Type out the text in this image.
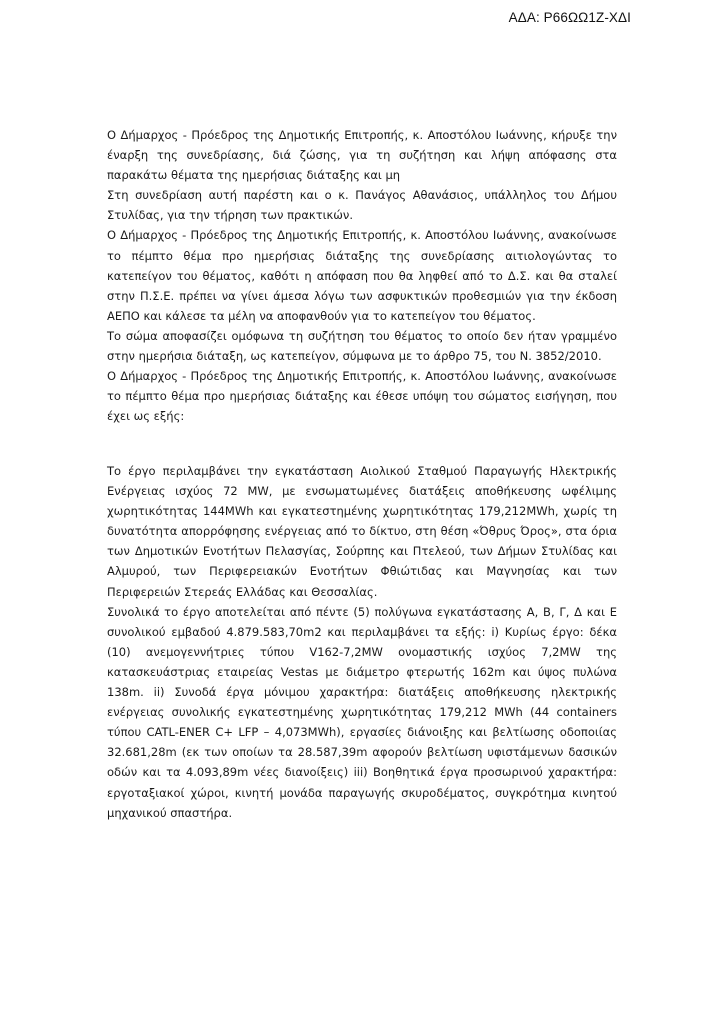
ΑΔΑ: Ρ66ΩΩ1Ζ-ΧΔΙ

Ο Δήμαρχος - Πρόεδρος της Δημοτικής Επιτροπής, κ. Αποστόλου Ιωάννης, κήρυξε την έναρξη της συνεδρίασης, διά ζώσης, για τη συζήτηση και λήψη απόφασης στα παρακάτω θέματα της ημερήσιας διάταξης και μη

Στη συνεδρίαση αυτή παρέστη και ο κ. Πανάγος Αθανάσιος, υπάλληλος του Δήμου Στυλίδας, για την τήρηση των πρακτικών.

Ο Δήμαρχος - Πρόεδρος της Δημοτικής Επιτροπής, κ. Αποστόλου Ιωάννης, ανακοίνωσε το πέμπτο θέμα προ ημερήσιας διάταξης της συνεδρίασης αιτιολογώντας το κατεπείγον του θέματος, καθότι η απόφαση που θα ληφθεί από το Δ.Σ. και θα σταλεί στην Π.Σ.Ε. πρέπει να γίνει άμεσα λόγω των ασφυκτικών προθεσμιών για την έκδοση ΑΕΠΟ και κάλεσε τα μέλη να αποφανθούν για το κατεπείγον του θέματος.

Το σώμα αποφασίζει ομόφωνα τη συζήτηση του θέματος το οποίο δεν ήταν γραμμένο στην ημερήσια διάταξη, ως κατεπείγον, σύμφωνα με το άρθρο 75, του Ν. 3852/2010.

Ο Δήμαρχος - Πρόεδρος της Δημοτικής Επιτροπής, κ. Αποστόλου Ιωάννης, ανακοίνωσε το πέμπτο θέμα προ ημερήσιας διάταξης και έθεσε υπόψη του σώματος εισήγηση, που έχει ως εξής:

Το έργο περιλαμβάνει την εγκατάσταση Αιολικού Σταθμού Παραγωγής Ηλεκτρικής Ενέργειας ισχύος 72 MW, με ενσωματωμένες διατάξεις αποθήκευσης ωφέλιμης χωρητικότητας 144MWh και εγκατεστημένης χωρητικότητας 179,212MWh, χωρίς τη δυνατότητα απορρόφησης ενέργειας από το δίκτυο, στη θέση «Όθρυς Όρος», στα όρια των Δημοτικών Ενοτήτων Πελασγίας, Σούρπης και Πτελεού, των Δήμων Στυλίδας και Αλμυρού, των Περιφερειακών Ενοτήτων Φθιώτιδας και Μαγνησίας και των Περιφερειών Στερεάς Ελλάδας και Θεσσαλίας.

Συνολικά το έργο αποτελείται από πέντε (5) πολύγωνα εγκατάστασης Α, Β, Γ, Δ και Ε συνολικού εμβαδού 4.879.583,70m2 και περιλαμβάνει τα εξής: i) Κυρίως έργο: δέκα (10) ανεμογεννήτριες τύπου V162-7,2MW ονομαστικής ισχύος 7,2MW της κατασκευάστριας εταιρείας Vestas με διάμετρο φτερωτής 162m και ύψος πυλώνα 138m. ii) Συνοδά έργα μόνιμου χαρακτήρα: διατάξεις αποθήκευσης ηλεκτρικής ενέργειας συνολικής εγκατεστημένης χωρητικότητας 179,212 MWh (44 containers τύπου CATL-ENER C+ LFP – 4,073MWh), εργασίες διάνοιξης και βελτίωσης οδοποιίας 32.681,28m (εκ των οποίων τα 28.587,39m αφορούν βελτίωση υφιστάμενων δασικών οδών και τα 4.093,89m νέες διανοίξεις) iii) Βοηθητικά έργα προσωρινού χαρακτήρα: εργοταξιακοί χώροι, κινητή μονάδα παραγωγής σκυροδέματος, συγκρότημα κινητού μηχανικού σπαστήρα.
